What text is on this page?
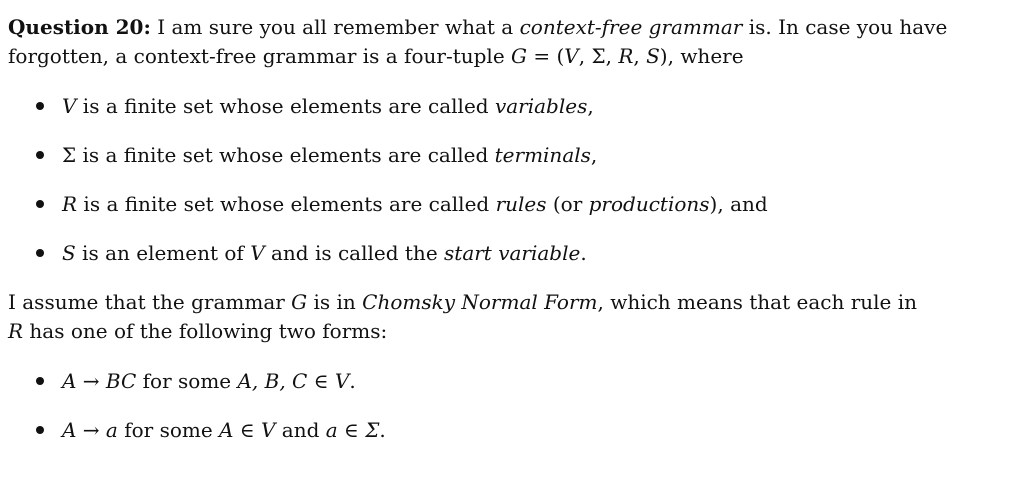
Question 20: I am sure you all remember what a context-free grammar is. In case you have
forgotten, a context-free grammar is a four-tuple G = (V, Σ, R, S), where
V is a finite set whose elements are called variables,
Σ is a finite set whose elements are called terminals,
R is a finite set whose elements are called rules (or productions), and
S is an element of V and is called the start variable.
I assume that the grammar G is in Chomsky Normal Form, which means that each rule in
R has one of the following two forms:
A → BC for some A, B, C ∈ V.
A → a for some A ∈ V and a ∈ Σ.
